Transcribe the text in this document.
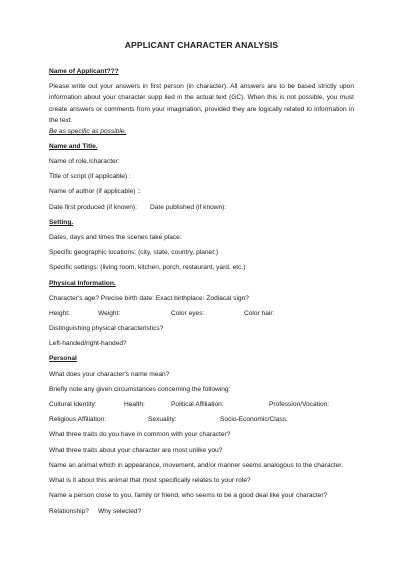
APPLICANT CHARACTER ANALYSIS
Name of Applicant???
Please write out your answers in first person (in character). All answers are to be based strictly upon information about your character supp lied in the actual text (GC). When this is not possible, you must create answers or comments from your imagination, provided they are logically related to information in the text.
Be as specific as possible.
Name and Title.
Name of role./character:
Title of script (if applicable) :
Name of author (if applicable) ::
Date first produced (if known): Date published (if known):
Setting.
Dates, days and times the scenes take place:
Specific geographic locations: (city, state, country, planet.)
Specific settings: (living room, kitchen, porch, restaurant, yard, etc.)
Physical Information.
Character's age? Precise birth date: Exact birthplace: Zodiacal sign?
Height:	Weight:	Color eyes:	Color hair:
Distinguishing physical characteristics?
Left-handed/right-handed?
Personal
What does your character's name mean?
Briefly note any given circumstances concerning the following:
Cultural Identity:	Health:	Political Affiliation:	Profession/Vocation:
Religious Affiliation:	Sexuality:	Socio-Economic/Class:
What three traits do you have in common with your character?
What three traits about your character are most unlike you?
Name an animal which in appearance, movement, and/or manner seems analogous to the character.
What is it about this animal that most specifically relates to your role?
Name a person close to you, family or friend, who seems to be a good deal like your character?
Relationship? Why selected?
